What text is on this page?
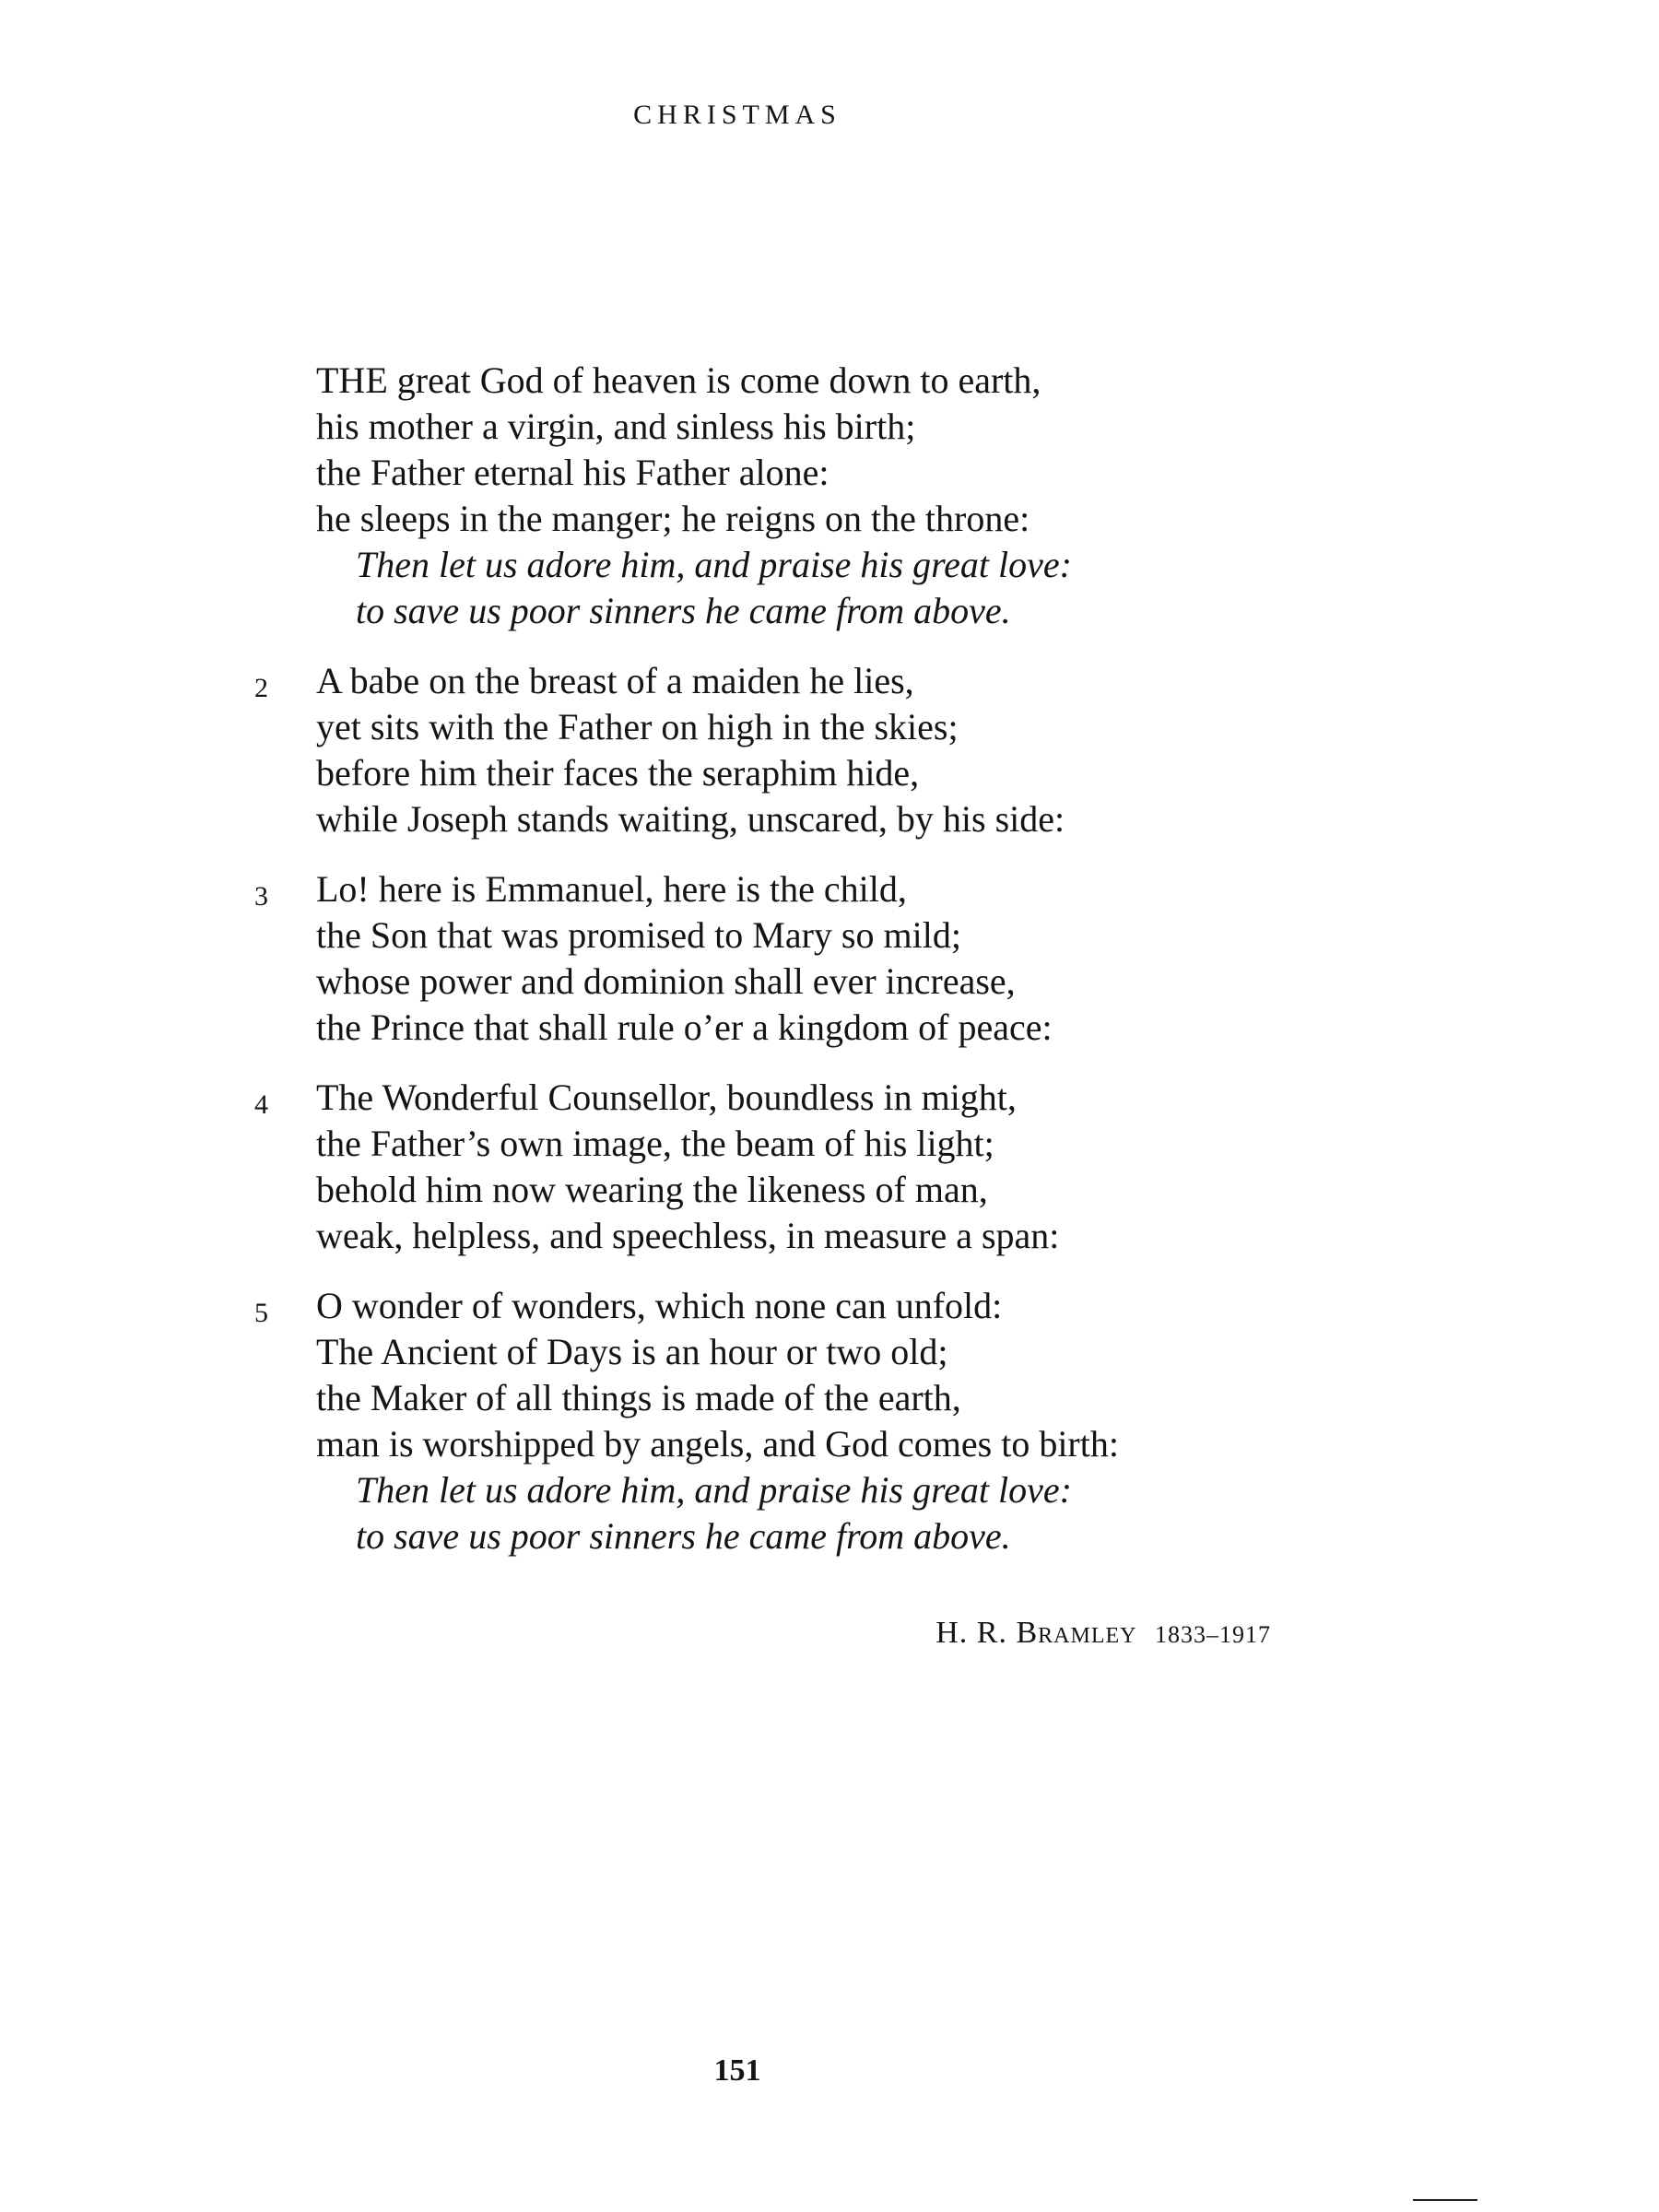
CHRISTMAS
THE great God of heaven is come down to earth,
his mother a virgin, and sinless his birth;
the Father eternal his Father alone:
he sleeps in the manger; he reigns on the throne:
Then let us adore him, and praise his great love:
to save us poor sinners he came from above.
2 A babe on the breast of a maiden he lies,
yet sits with the Father on high in the skies;
before him their faces the seraphim hide,
while Joseph stands waiting, unscared, by his side:
3 Lo! here is Emmanuel, here is the child,
the Son that was promised to Mary so mild;
whose power and dominion shall ever increase,
the Prince that shall rule o’er a kingdom of peace:
4 The Wonderful Counsellor, boundless in might,
the Father’s own image, the beam of his light;
behold him now wearing the likeness of man,
weak, helpless, and speechless, in measure a span:
5 O wonder of wonders, which none can unfold:
The Ancient of Days is an hour or two old;
the Maker of all things is made of the earth,
man is worshipped by angels, and God comes to birth:
Then let us adore him, and praise his great love:
to save us poor sinners he came from above.
H. R. Bramley 1833–1917
151
